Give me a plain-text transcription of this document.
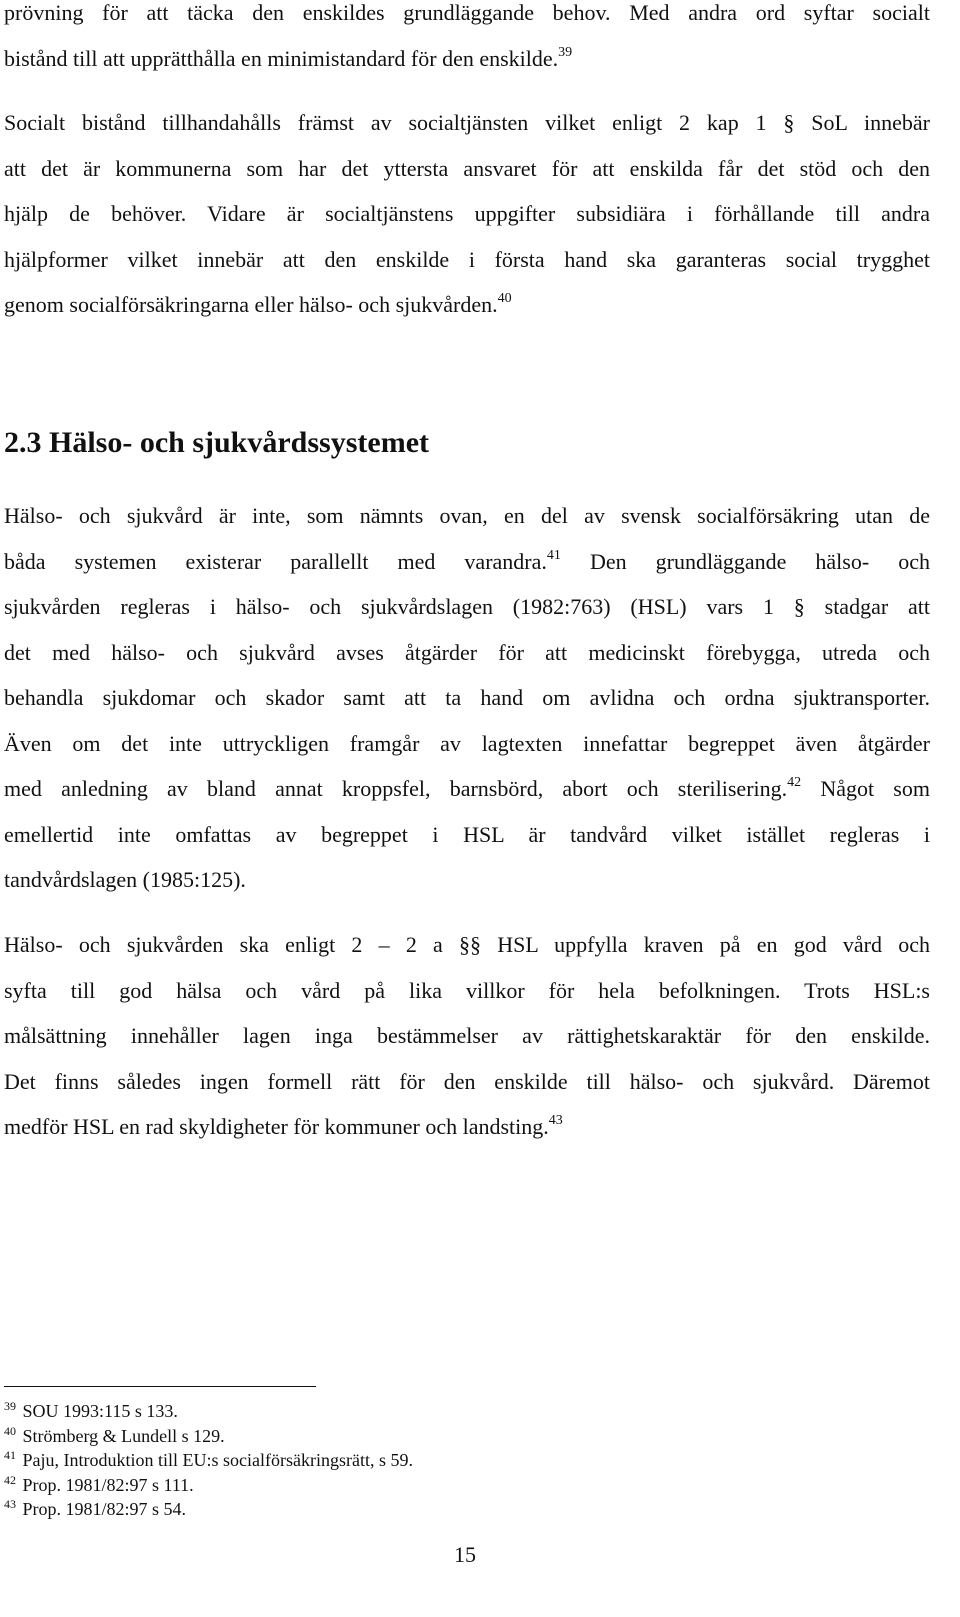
prövning för att täcka den enskildes grundläggande behov. Med andra ord syftar socialt
bistånd till att upprätthålla en minimistandard för den enskilde.$^{39}$

Socialt bistånd tillhandahålls främst av socialtjänsten vilket enligt 2 kap 1 § SoL innebär
att det är kommunerna som har det yttersta ansvaret för att enskilda får det stöd och den
hjälp de behöver. Vidare är socialtjänstens uppgifter subsidiära i förhållande till andra
hjälpformer vilket innebär att den enskilde i första hand ska garanteras social trygghet
genom socialförsäkringarna eller hälso- och sjukvården.$^{40}$

2.3 Hälso- och sjukvårdssystemet

Hälso- och sjukvård är inte, som nämnts ovan, en del av svensk socialförsäkring utan de
båda systemen existerar parallellt med varandra.$^{41}$ Den grundläggande hälso- och
sjukvården regleras i hälso- och sjukvårdslagen (1982:763) (HSL) vars 1 § stadgar att
det med hälso- och sjukvård avses åtgärder för att medicinskt förebygga, utreda och
behandla sjukdomar och skador samt att ta hand om avlidna och ordna sjuktransporter.
Även om det inte uttryckligen framgår av lagtexten innefattar begreppet även åtgärder
med anledning av bland annat kroppsfel, barnsbörd, abort och sterilisering.$^{42}$ Något som
emellertid inte omfattas av begreppet i HSL är tandvård vilket istället regleras i
tandvårdslagen (1985:125).

Hälso- och sjukvården ska enligt 2 – 2 a §§ HSL uppfylla kraven på en god vård och
syfta till god hälsa och vård på lika villkor för hela befolkningen. Trots HSL:s
målsättning innehåller lagen inga bestämmelser av rättighetskaraktär för den enskilde.
Det finns således ingen formell rätt för den enskilde till hälso- och sjukvård. Däremot
medför HSL en rad skyldigheter för kommuner och landsting.$^{43}$

$^{39}$ SOU 1993:115 s 133.
$^{40}$ Strömberg & Lundell s 129.
$^{41}$ Paju, Introduktion till EU:s socialförsäkringsrätt, s 59.
$^{42}$ Prop. 1981/82:97 s 111.
$^{43}$ Prop. 1981/82:97 s 54.
15
